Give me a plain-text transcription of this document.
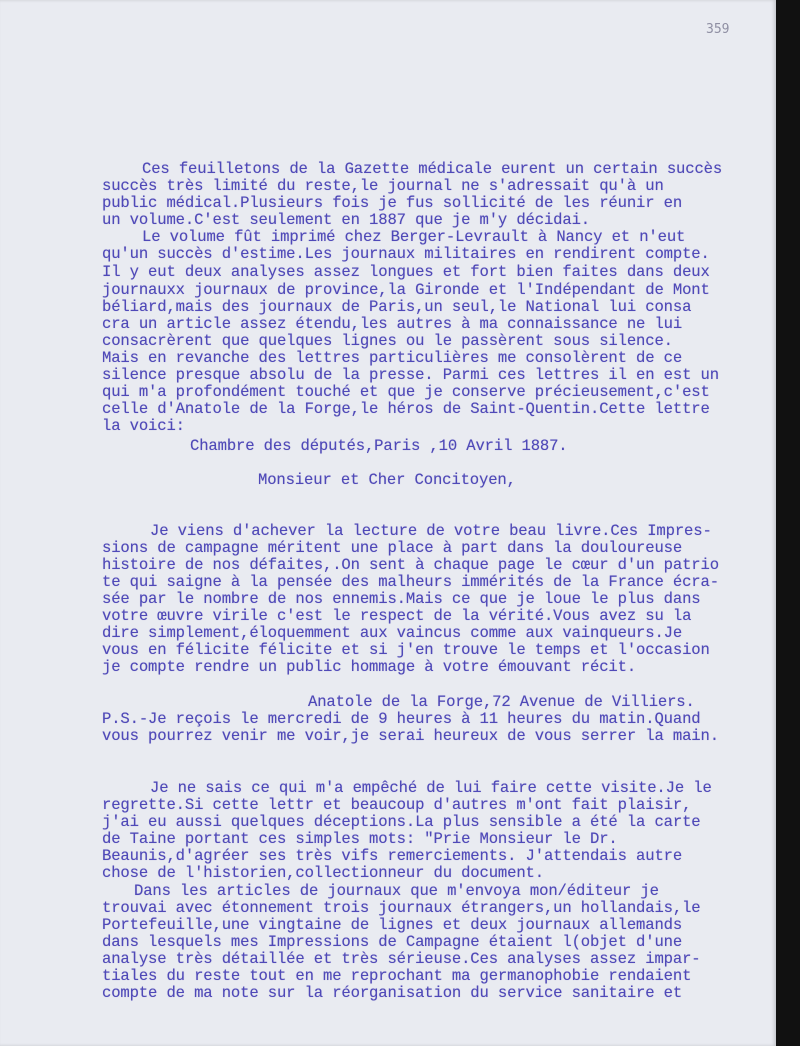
359
Ces feuilletons de la Gazette médicale eurent un certain succès
succès très limité du reste,le journal ne s'adressait qu'à un
public médical.Plusieurs fois je fus sollicité de les réunir en
un volume.C'est seulement en 1887 que je m'y décidai.
Le volume fût imprimé chez Berger-Levrault à Nancy et n'eut
qu'un succès d'estime.Les journaux militaires en rendirent compte.
Il y eut deux analyses assez longues et fort bien faites dans deux
journauxx journaux de province,la Gironde et l'Indépendant de Mont
béliard,mais des journaux de Paris,un seul,le National lui consa
cra un article assez étendu,les autres à ma connaissance ne lui
consacrèrent que quelques lignes ou le passèrent sous silence.
Mais en revanche des lettres particulières me consolèrent de ce
silence presque absolu de la presse. Parmi ces lettres il en est un
qui m'a profondément touché et que je conserve précieusement,c'est
celle d'Anatole de la Forge,le héros de Saint-Quentin.Cette lettre
la voici:
Chambre des députés,Paris ,10 Avril 1887.
Monsieur et Cher Concitoyen,
Je viens d'achever la lecture de votre beau livre.Ces Impres-
sions de campagne méritent une place à part dans la douloureuse
histoire de nos défaites,.On sent à chaque page le cœur d'un patrio
te qui saigne à la pensée des malheurs immérités de la France écra-
sée par le nombre de nos ennemis.Mais ce que je loue le plus dans
votre œuvre virile c'est le respect de la vérité.Vous avez su la
dire simplement,éloquemment aux vaincus comme aux vainqueurs.Je
vous en félicite félicite et si j'en trouve le temps et l'occasion
je compte rendre un public hommage à votre émouvant récit.
Anatole de la Forge,72 Avenue de Villiers.
P.S.-Je reçois le mercredi de 9 heures à 11 heures du matin.Quand
vous pourrez venir me voir,je serai heureux de vous serrer la main.
Je ne sais ce qui m'a empêché de lui faire cette visite.Je le
regrette.Si cette lettr et beaucoup d'autres m'ont fait plaisir,
j'ai eu aussi quelques déceptions.La plus sensible a été la carte
de Taine portant ces simples mots: "Prie Monsieur le Dr.
Beaunis,d'agréer ses très vifs remerciements. J'attendais autre
chose de l'historien,collectionneur du document.
Dans les articles de journaux que m'envoya mon/éditeur je
trouvai avec étonnement trois journaux étrangers,un hollandais,le
Portefeuille,une vingtaine de lignes et deux journaux allemands
dans lesquels mes Impressions de Campagne étaient l(objet d'une
analyse très détaillée et très sérieuse.Ces analyses assez impar-
tiales du reste tout en me reprochant ma germanophobie rendaient
compte de ma note sur la réorganisation du service sanitaire et
